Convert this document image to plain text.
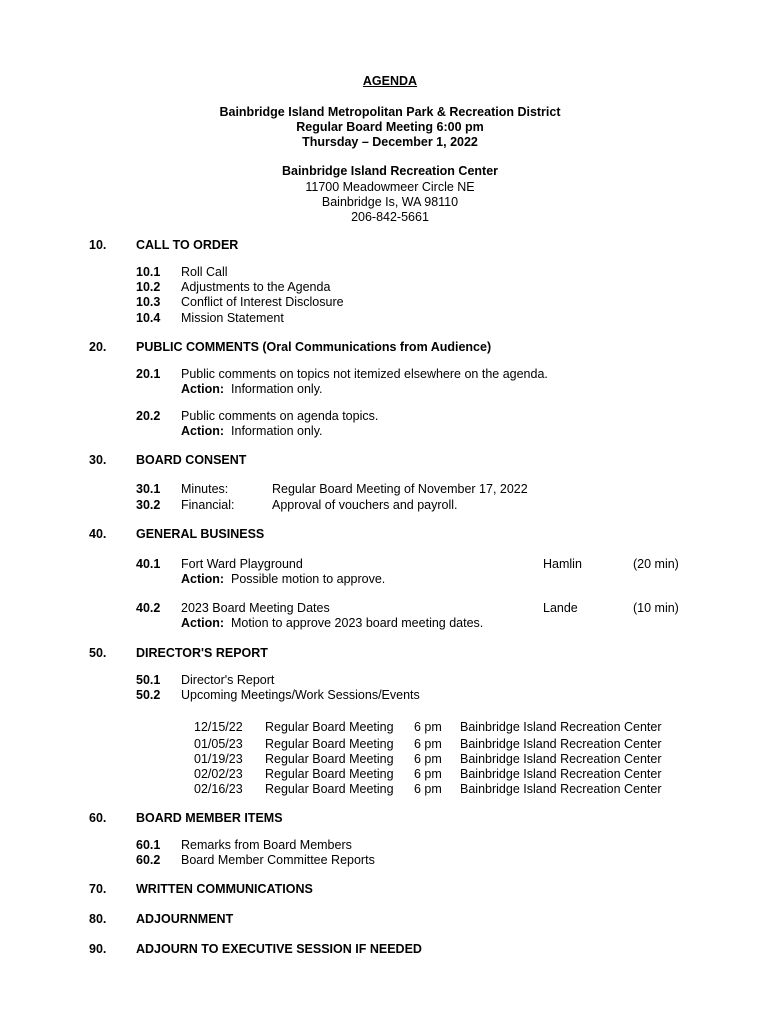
AGENDA
Bainbridge Island Metropolitan Park & Recreation District
Regular Board Meeting 6:00 pm
Thursday – December 1, 2022
Bainbridge Island Recreation Center
11700 Meadowmeer Circle NE
Bainbridge Is, WA 98110
206-842-5661
10. CALL TO ORDER
10.1 Roll Call
10.2 Adjustments to the Agenda
10.3 Conflict of Interest Disclosure
10.4 Mission Statement
20. PUBLIC COMMENTS (Oral Communications from Audience)
20.1 Public comments on topics not itemized elsewhere on the agenda.
Action: Information only.
20.2 Public comments on agenda topics.
Action: Information only.
30. BOARD CONSENT
30.1 Minutes:	Regular Board Meeting of November 17, 2022
30.2 Financial:	Approval of vouchers and payroll.
40. GENERAL BUSINESS
40.1 Fort Ward Playground	Hamlin	(20 min)
Action: Possible motion to approve.
40.2 2023 Board Meeting Dates	Lande	(10 min)
Action: Motion to approve 2023 board meeting dates.
50. DIRECTOR'S REPORT
50.1 Director's Report
50.2 Upcoming Meetings/Work Sessions/Events
12/15/22 Regular Board Meeting 6 pm Bainbridge Island Recreation Center
01/05/23 Regular Board Meeting 6 pm Bainbridge Island Recreation Center
01/19/23 Regular Board Meeting 6 pm Bainbridge Island Recreation Center
02/02/23 Regular Board Meeting 6 pm Bainbridge Island Recreation Center
02/16/23 Regular Board Meeting 6 pm Bainbridge Island Recreation Center
60. BOARD MEMBER ITEMS
60.1 Remarks from Board Members
60.2 Board Member Committee Reports
70. WRITTEN COMMUNICATIONS
80. ADJOURNMENT
90. ADJOURN TO EXECUTIVE SESSION IF NEEDED
